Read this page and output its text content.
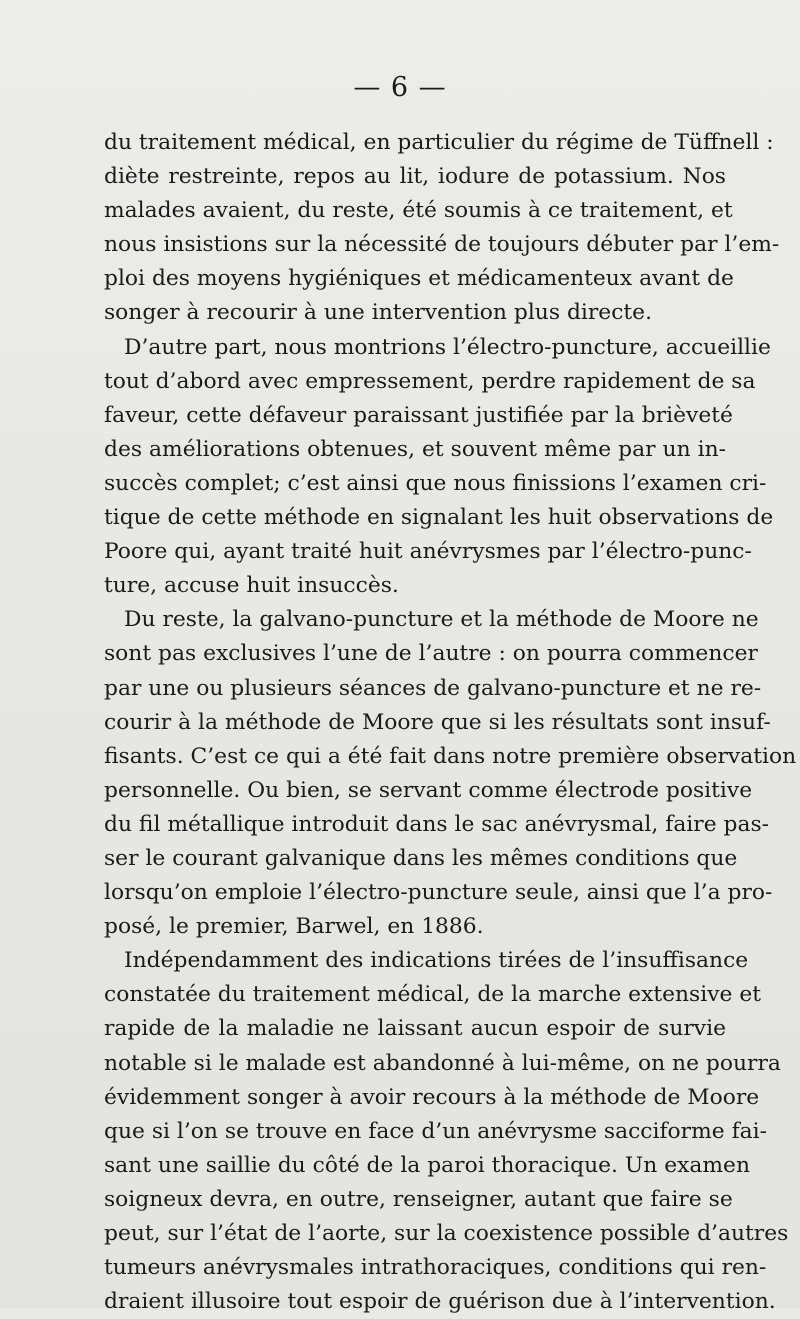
— 6 —
du traitement médical, en particulier du régime de Tüffnell :
diète restreinte, repos au lit, iodure de potassium. Nos
malades avaient, du reste, été soumis à ce traitement, et
nous insistions sur la nécessité de toujours débuter par l’em-
ploi des moyens hygiéniques et médicamenteux avant de
songer à recourir à une intervention plus directe.
D’autre part, nous montrions l’électro-puncture, accueillie
tout d’abord avec empressement, perdre rapidement de sa
faveur, cette défaveur paraissant justifiée par la brièveté
des améliorations obtenues, et souvent même par un in-
succès complet; c’est ainsi que nous finissions l’examen cri-
tique de cette méthode en signalant les huit observations de
Poore qui, ayant traité huit anévrysmes par l’électro-punc-
ture, accuse huit insuccès.
Du reste, la galvano-puncture et la méthode de Moore ne
sont pas exclusives l’une de l’autre : on pourra commencer
par une ou plusieurs séances de galvano-puncture et ne re-
courir à la méthode de Moore que si les résultats sont insuf-
fisants. C’est ce qui a été fait dans notre première observation
personnelle. Ou bien, se servant comme électrode positive
du fil métallique introduit dans le sac anévrysmal, faire pas-
ser le courant galvanique dans les mêmes conditions que
lorsqu’on emploie l’électro-puncture seule, ainsi que l’a pro-
posé, le premier, Barwel, en 1886.
Indépendamment des indications tirées de l’insuffisance
constatée du traitement médical, de la marche extensive et
rapide de la maladie ne laissant aucun espoir de survie
notable si le malade est abandonné à lui-même, on ne pourra
évidemment songer à avoir recours à la méthode de Moore
que si l’on se trouve en face d’un anévrysme sacciforme fai-
sant une saillie du côté de la paroi thoracique. Un examen
soigneux devra, en outre, renseigner, autant que faire se
peut, sur l’état de l’aorte, sur la coexistence possible d’autres
tumeurs anévrysmales intrathoraciques, conditions qui ren-
draient illusoire tout espoir de guérison due à l’intervention.
